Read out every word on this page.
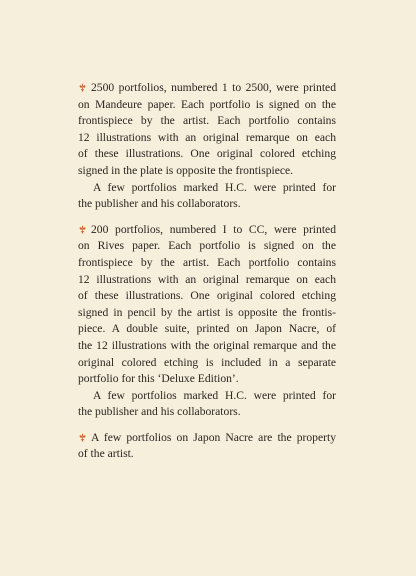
2500 portfolios, numbered 1 to 2500, were printed
on Mandeure paper. Each portfolio is signed on the
frontispiece by the artist. Each portfolio contains
12 illustrations with an original remarque on each
of these illustrations. One original colored etching
signed in the plate is opposite the frontispiece.
A few portfolios marked H.C. were printed for
the publisher and his collaborators.
200 portfolios, numbered I to CC, were printed
on Rives paper. Each portfolio is signed on the
frontispiece by the artist. Each portfolio contains
12 illustrations with an original remarque on each
of these illustrations. One original colored etching
signed in pencil by the artist is opposite the frontis-
piece. A double suite, printed on Japon Nacre, of
the 12 illustrations with the original remarque and the
original colored etching is included in a separate
portfolio for this ‘Deluxe Edition’.
A few portfolios marked H.C. were printed for
the publisher and his collaborators.
A few portfolios on Japon Nacre are the property
of the artist.
